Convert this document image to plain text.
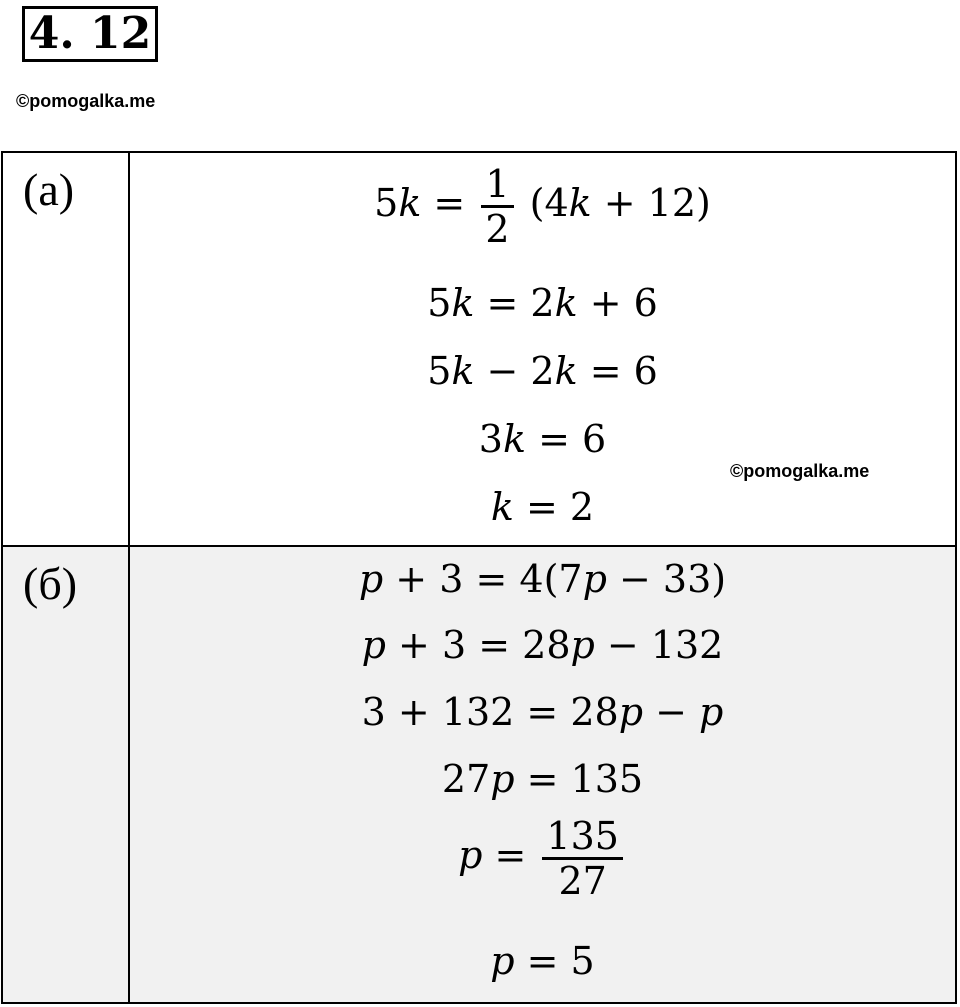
4. 12
©pomogalka.me
(a)	$5k = \frac{1}{2} (4k + 12)$
5k = 2k + 6
5k − 2k = 6
3k = 6
k = 2
(б)	p + 3 = 4(7p − 33)
p + 3 = 28p − 132
3 + 132 = 28p − p
27p = 135
$p = \frac{135}{27}$
p = 5
©pomogalka.me
